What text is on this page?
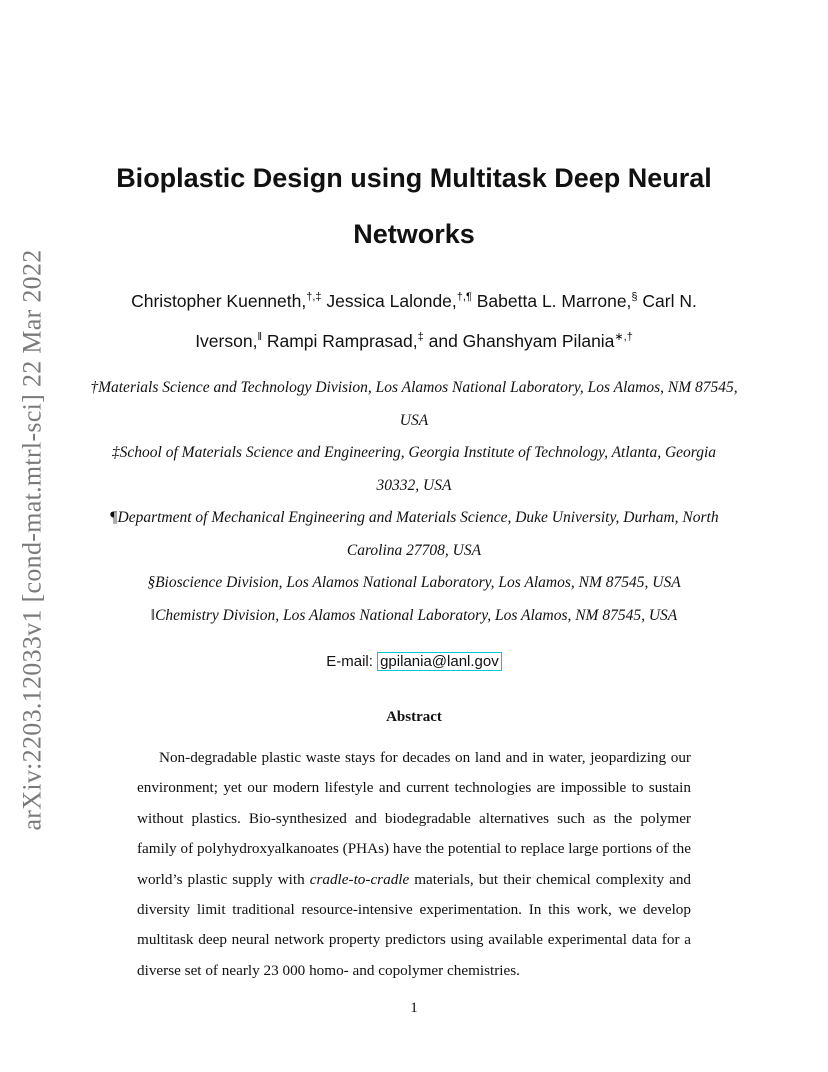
arXiv:2203.12033v1 [cond-mat.mtrl-sci] 22 Mar 2022
Bioplastic Design using Multitask Deep Neural Networks
Christopher Kuenneth,†,‡ Jessica Lalonde,†,¶ Babetta L. Marrone,§ Carl N. Iverson,‖ Rampi Ramprasad,‡ and Ghanshyam Pilania∗,†
†Materials Science and Technology Division, Los Alamos National Laboratory, Los Alamos, NM 87545, USA
‡School of Materials Science and Engineering, Georgia Institute of Technology, Atlanta, Georgia 30332, USA
¶Department of Mechanical Engineering and Materials Science, Duke University, Durham, North Carolina 27708, USA
§Bioscience Division, Los Alamos National Laboratory, Los Alamos, NM 87545, USA
‖Chemistry Division, Los Alamos National Laboratory, Los Alamos, NM 87545, USA
E-mail: gpilania@lanl.gov
Abstract

Non-degradable plastic waste stays for decades on land and in water, jeopardizing our environment; yet our modern lifestyle and current technologies are impossible to sustain without plastics. Bio-synthesized and biodegradable alternatives such as the polymer family of polyhydroxyalkanoates (PHAs) have the potential to replace large portions of the world’s plastic supply with cradle-to-cradle materials, but their chemical complexity and diversity limit traditional resource-intensive experimentation. In this work, we develop multitask deep neural network property predictors using available experimental data for a diverse set of nearly 23 000 homo- and copolymer chemistries.

1
